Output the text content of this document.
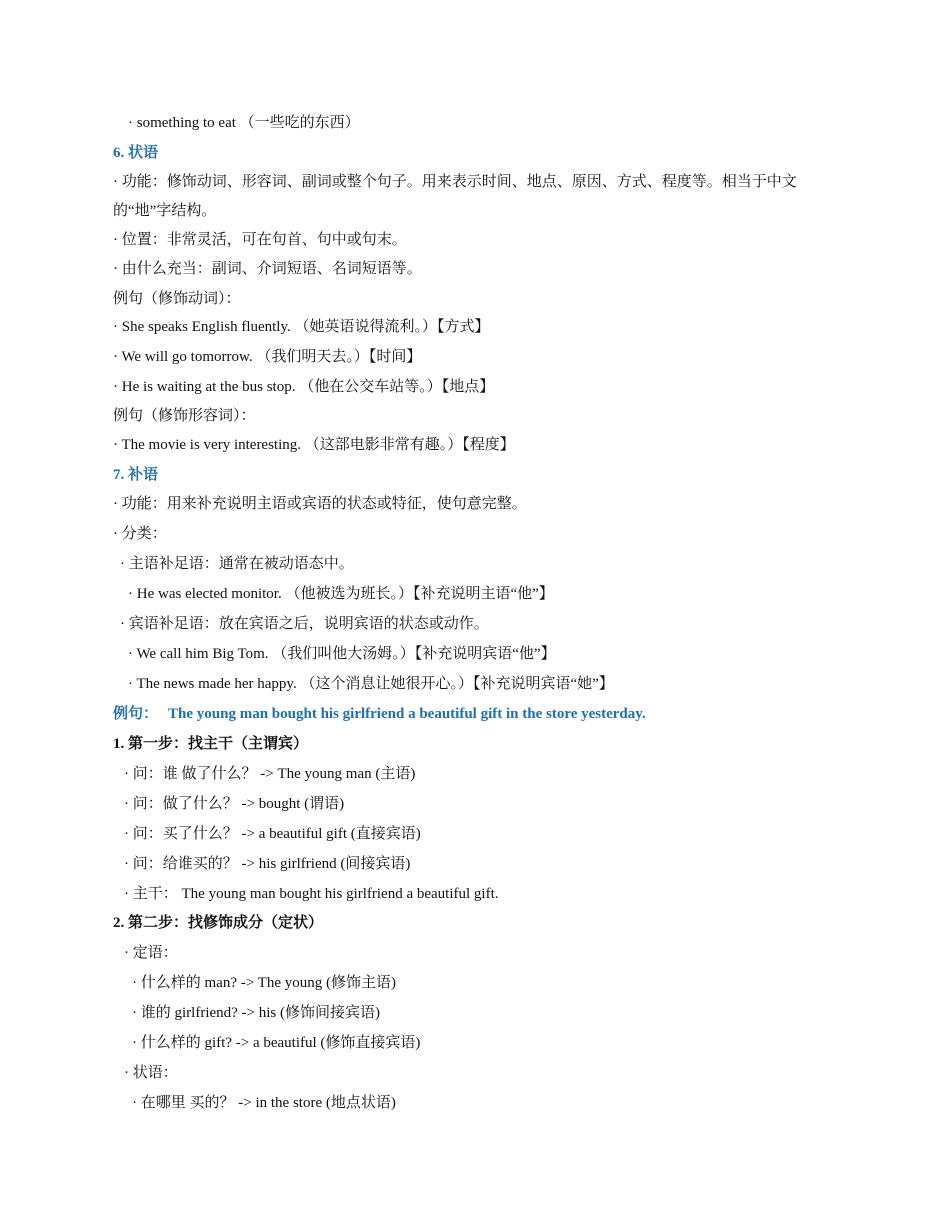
· something to eat （一些吃的东西）
6. 状语
· 功能：修饰动词、形容词、副词或整个句子。用来表示时间、地点、原因、方式、程度等。相当于中文的“地”字结构。
· 位置：非常灵活，可在句首、句中或句末。
· 由什么充当：副词、介词短语、名词短语等。
例句（修饰动词）：
· She speaks English fluently. （她英语说得流利。）【方式】
· We will go tomorrow. （我们明天去。）【时间】
· He is waiting at the bus stop. （他在公交车站等。）【地点】
例句（修饰形容词）：
· The movie is very interesting. （这部电影非常有趣。）【程度】
7. 补语
· 功能：用来补充说明主语或宾语的状态或特征，使句意完整。
· 分类：
· 主语补足语：通常在被动语态中。
· He was elected monitor. （他被选为班长。）【补充说明主语“他”】
· 宾语补足语：放在宾语之后，说明宾语的状态或动作。
· We call him Big Tom. （我们叫他大汤姆。）【补充说明宾语“他”】
· The news made her happy. （这个消息让她很开心。）【补充说明宾语“她”】
例句： The young man bought his girlfriend a beautiful gift in the store yesterday.
1. 第一步：找主干（主谓宾）
· 问：谁 做了什么？ -> The young man (主语)
· 问：做了什么？ -> bought (谓语)
· 问：买了什么？ -> a beautiful gift (直接宾语)
· 问：给谁买的？ -> his girlfriend (间接宾语)
· 主干： The young man bought his girlfriend a beautiful gift.
2. 第二步：找修饰成分（定状）
· 定语：
· 什么样的 man? -> The young (修饰主语)
· 谁的 girlfriend? -> his (修饰间接宾语)
· 什么样的 gift? -> a beautiful (修饰直接宾语)
· 状语：
· 在哪里 买的？ -> in the store (地点状语)
